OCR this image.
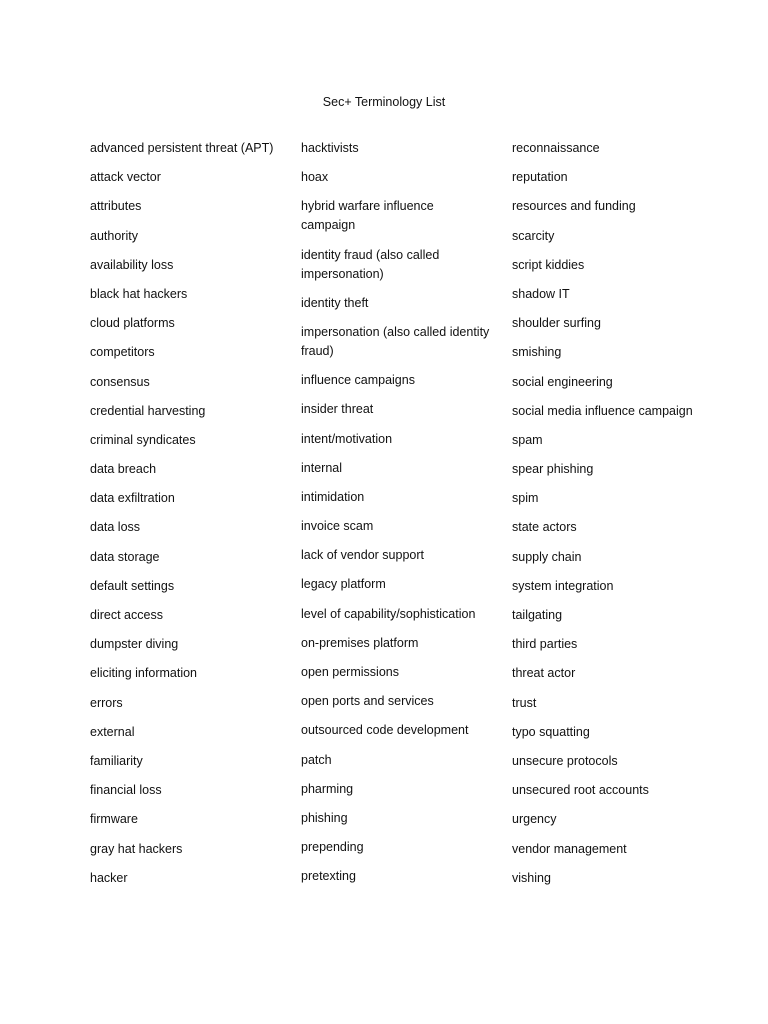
Sec+ Terminology List
advanced persistent threat (APT)
attack vector
attributes
authority
availability loss
black hat hackers
cloud platforms
competitors
consensus
credential harvesting
criminal syndicates
data breach
data exfiltration
data loss
data storage
default settings
direct access
dumpster diving
eliciting information
errors
external
familiarity
financial loss
firmware
gray hat hackers
hacker
hacktivists
hoax
hybrid warfare influence campaign
identity fraud (also called impersonation)
identity theft
impersonation (also called identity fraud)
influence campaigns
insider threat
intent/motivation
internal
intimidation
invoice scam
lack of vendor support
legacy platform
level of capability/sophistication
on-premises platform
open permissions
open ports and services
outsourced code development
patch
pharming
phishing
prepending
pretexting
reconnaissance
reputation
resources and funding
scarcity
script kiddies
shadow IT
shoulder surfing
smishing
social engineering
social media influence campaign
spam
spear phishing
spim
state actors
supply chain
system integration
tailgating
third parties
threat actor
trust
typo squatting
unsecure protocols
unsecured root accounts
urgency
vendor management
vishing
